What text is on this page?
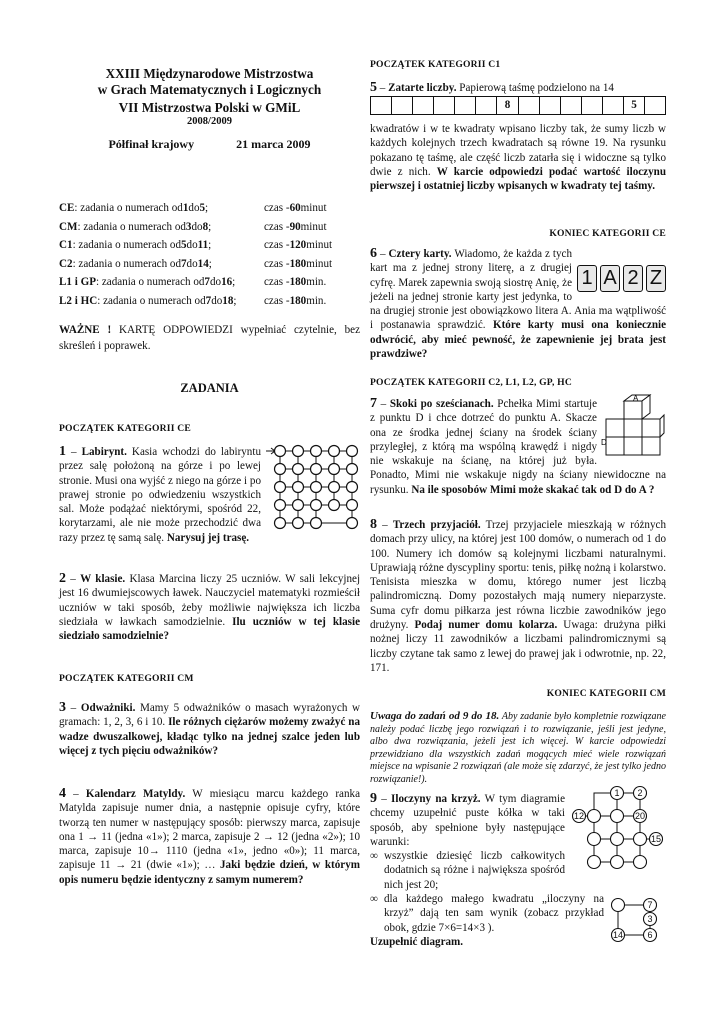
XXIII Międzynarodowe Mistrzostwa
w Grach Matematycznych i Logicznych
VII Mistrzostwa Polski w GMiL
2008/2009
Półfinał krajowy	21 marca 2009
CE: zadania o numerach od1do5;	czas -60minut
CM: zadania o numerach od3do8;	czas -90minut
C1: zadania o numerach od5do11;	czas -120minut
C2: zadania o numerach od7do14;	czas -180minut
L1 i GP: zadania o numerach od7do16;	czas -180min.
L2 i HC: zadania o numerach od7do18; czas -180min.
WAŻNE ! KARTĘ ODPOWIEDZI wypełniać czytelnie, bez skreśleń i poprawek.
ZADANIA
POCZĄTEK KATEGORII CE
1 – Labirynt. Kasia wchodzi do labiryntu przez salę położoną na górze i po lewej stronie. Musi ona wyjść z niego na górze i po prawej stronie po odwiedzeniu wszystkich sal. Może podążać niektórymi, spośród 22, korytarzami, ale nie może przechodzić dwa razy przez tę samą salę. Narysuj jej trasę.
2 – W klasie. Klasa Marcina liczy 25 uczniów. W sali lekcyjnej jest 16 dwumiejscowych ławek. Nauczyciel matematyki rozmieścił uczniów w taki sposób, żeby możliwie największa ich liczba siedziała w ławkach samodzielnie. Ilu uczniów w tej klasie siedziało samodzielnie?
POCZĄTEK KATEGORII CM
3 – Odważniki. Mamy 5 odważników o masach wyrażonych w gramach: 1, 2, 3, 6 i 10. Ile różnych ciężarów możemy zważyć na wadze dwuszalkowej, kładąc tylko na jednej szalce jeden lub więcej z tych pięciu odważników?
4 – Kalendarz Matyldy. W miesiącu marcu każdego ranka Matylda zapisuje numer dnia, a następnie opisuje cyfry, które tworzą ten numer w następujący sposób: pierwszy marca, zapisuje ona 1 → 11 (jedna «1»); 2 marca, zapisuje 2 → 12 (jedna «2»); 10 marca, zapisuje 10→ 1110 (jedna «1», jedno «0»); 11 marca, zapisuje 11 → 21 (dwie «1»); … Jaki będzie dzień, w którym opis numeru będzie identyczny z samym numerem?
POCZĄTEK KATEGORII C1
5 – Zatarte liczby. Papierową taśmę podzielono na 14
8	5
kwadratów i w te kwadraty wpisano liczby tak, że sumy liczb w każdych kolejnych trzech kwadratach są równe 19. Na rysunku pokazano tę taśmę, ale część liczb zatarła się i widoczne są tylko dwie z nich. W karcie odpowiedzi podać wartość iloczynu pierwszej i ostatniej liczby wpisanych w kwadraty tej taśmy.
KONIEC KATEGORII CE
1 A 2 Z
6 – Cztery karty. Wiadomo, że każda z tych kart ma z jednej strony literę, a z drugiej cyfrę. Marek zapewnia swoją siostrę Anię, że jeżeli na jednej stronie karty jest jedynka, to na drugiej stronie jest obowiązkowo litera A. Ania ma wątpliwość i postanawia sprawdzić. Które karty musi ona koniecznie odwrócić, aby mieć pewność, że zapewnienie jej brata jest prawdziwe?
POCZĄTEK KATEGORII C2, L1, L2, GP, HC
A
D
7 – Skoki po sześcianach. Pchełka Mimi startuje z punktu D i chce dotrzeć do punktu A. Skacze ona ze środka jednej ściany na środek ściany przyległej, z którą ma wspólną krawędź i nigdy nie wskakuje na ścianę, na której już była. Ponadto, Mimi nie wskakuje nigdy na ściany niewidoczne na rysunku. Na ile sposobów Mimi może skakać tak od D do A ?
8 – Trzech przyjaciół. Trzej przyjaciele mieszkają w różnych domach przy ulicy, na której jest 100 domów, o numerach od 1 do 100. Numery ich domów są kolejnymi liczbami naturalnymi. Uprawiają różne dyscypliny sportu: tenis, piłkę nożną i kolarstwo. Tenisista mieszka w domu, którego numer jest liczbą palindromiczną. Domy pozostałych mają numery nieparzyste. Suma cyfr domu piłkarza jest równa liczbie zawodników jego drużyny. Podaj numer domu kolarza. Uwaga: drużyna piłki nożnej liczy 11 zawodników a liczbami palindromicznymi są liczby czytane tak samo z lewej do prawej jak i odwrotnie, np. 22, 171.
KONIEC KATEGORII CM
Uwaga do zadań od 9 do 18. Aby zadanie było kompletnie rozwiązane należy podać liczbę jego rozwiązań i to rozwiązanie, jeśli jest jedyne, albo dwa rozwiązania, jeżeli jest ich więcej. W karcie odpowiedzi przewidziano dla wszystkich zadań mogących mieć wiele rozwiązań miejsce na wpisanie 2 rozwiązań (ale może się zdarzyć, że jest tylko jedno rozwiązanie!).
1 2
12	20
15
9 – Iloczyny na krzyż. W tym diagramie chcemy uzupełnić puste kółka w taki sposób, aby spełnione były następujące warunki:
∞ wszystkie dziesięć liczb całkowitych dodatnich są różne i największa spośród nich jest 20;
∞ dla każdego małego kwadratu „iloczyny na krzyż” dają ten sam wynik (zobacz przykład obok, gdzie 7×6=14×3 ).
7
14	6
3
Uzupełnić diagram.
